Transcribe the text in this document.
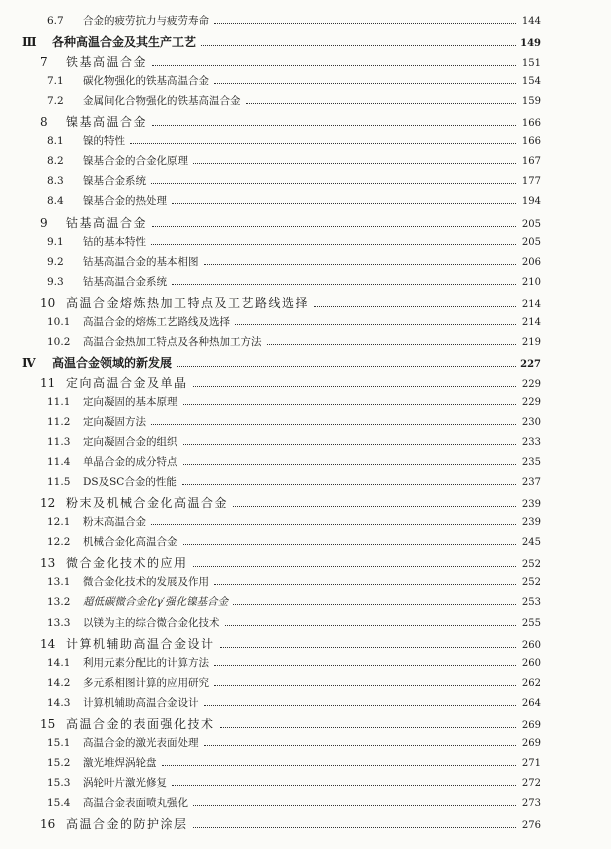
6.7	合金的疲劳抗力与疲劳寿命	144
Ⅲ	各种高温合金及其生产工艺	149
7	铁基高温合金	151
7.1	碳化物强化的铁基高温合金	154
7.2	金属间化合物强化的铁基高温合金	159
8	镍基高温合金	166
8.1	镍的特性	166
8.2	镍基合金的合金化原理	167
8.3	镍基合金系统	177
8.4	镍基合金的热处理	194
9	钴基高温合金	205
9.1	钴的基本特性	205
9.2	钴基高温合金的基本相图	206
9.3	钴基高温合金系统	210
10 高温合金熔炼热加工特点及工艺路线选择	214
10.1	高温合金的熔炼工艺路线及选择	214
10.2	高温合金热加工特点及各种热加工方法	219
Ⅳ	高温合金领域的新发展	227
11 定向高温合金及单晶	229
11.1	定向凝固的基本原理	229
11.2	定向凝固方法	230
11.3	定向凝固合金的组织	233
11.4	单晶合金的成分特点	235
11.5	DS及SC合金的性能	237
12 粉末及机械合金化高温合金	239
12.1	粉末高温合金	239
12.2	机械合金化高温合金	245
13 微合金化技术的应用	252
13.1	微合金化技术的发展及作用	252
13.2	超低碳微合金化γ′强化镍基合金	253
13.3	以镁为主的综合微合金化技术	255
14 计算机辅助高温合金设计	260
14.1	利用元素分配比的计算方法	260
14.2	多元系相图计算的应用研究	262
14.3	计算机辅助高温合金设计	264
15 高温合金的表面强化技术	269
15.1	高温合金的激光表面处理	269
15.2	激光堆焊涡轮盘	271
15.3	涡轮叶片激光修复	272
15.4	高温合金表面喷丸强化	273
16 高温合金的防护涂层	276
